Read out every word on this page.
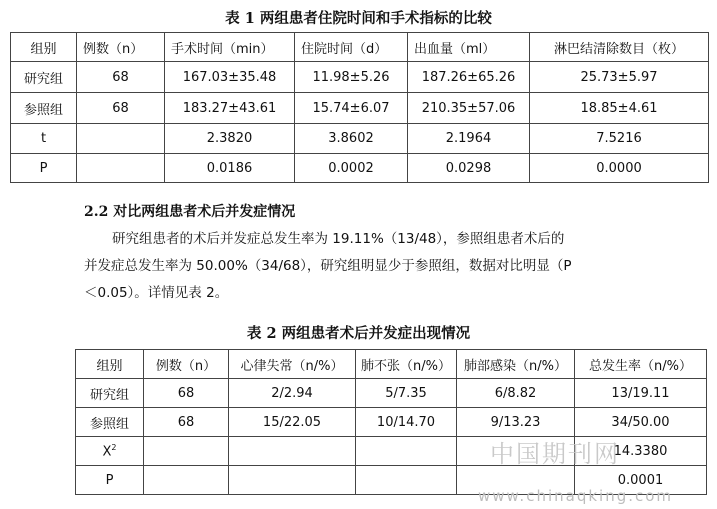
表 1 两组患者住院时间和手术指标的比较
组别	例数（n）	手术时间（min）	住院时间（d）	出血量（ml）	淋巴结清除数目（枚）
研究组	68	167.03±35.48	11.98±5.26	187.26±65.26	25.73±5.97
参照组	68	183.27±43.61	15.74±6.07	210.35±57.06	18.85±4.61
t		2.3820	3.8602	2.1964	7.5216
P		0.0186	0.0002	0.0298	0.0000
2.2 对比两组患者术后并发症情况

研究组患者的术后并发症总发生率为 19.11%（13/48），参照组患者术后的

并发症总发生率为 50.00%（34/68），研究组明显少于参照组，数据对比明显（P

＜0.05）。详情见表 2。

表 2 两组患者术后并发症出现情况
组别	例数（n）	心律失常（n/%）	肺不张（n/%）	肺部感染（n/%）	总发生率（n/%）
研究组	68	2/2.94	5/7.35	6/8.82	13/19.11
参照组	68	15/22.05	10/14.70	9/13.23	34/50.00
$X^2$					14.3380
P					0.0001
中国期刊网
www.chinaqking.com
